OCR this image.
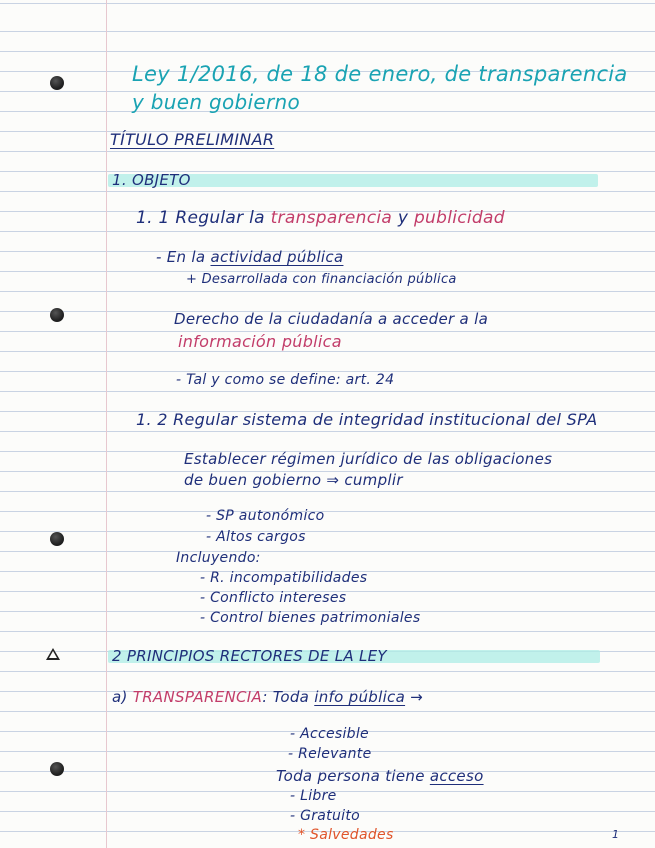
Ley 1/2016, de 18 de enero, de transparencia
y buen gobierno
TÍTULO PRELIMINAR
1. OBJETO
1. 1 Regular la transparencia y publicidad
- En la actividad pública
+ Desarrollada con financiación pública
Derecho de la ciudadanía a acceder a la
información pública
- Tal y como se define: art. 24
1. 2 Regular sistema de integridad institucional del SPA
Establecer régimen jurídico de las obligaciones
de buen gobierno ⇒ cumplir
- SP autonómico
- Altos cargos
Incluyendo:
- R. incompatibilidades
- Conflicto intereses
- Control bienes patrimoniales
2 PRINCIPIOS RECTORES DE LA LEY
a) TRANSPARENCIA: Toda info pública →
- Accesible
- Relevante
Toda persona tiene acceso
- Libre
- Gratuito
* Salvedades	1
